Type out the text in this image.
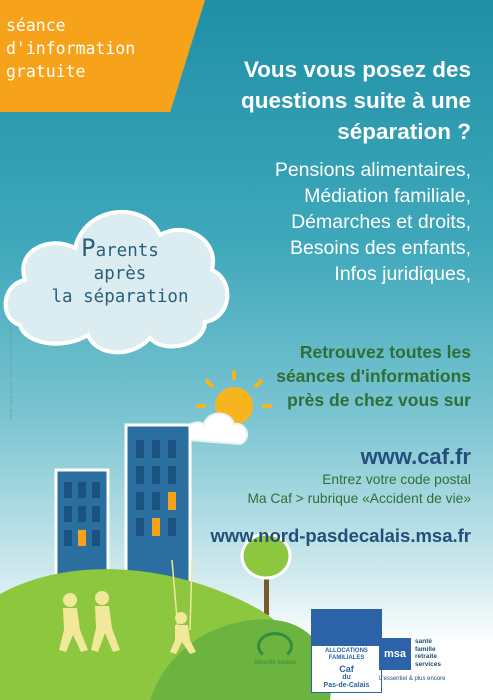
séance
d'information
gratuite	Vous vous posez des
questions suite à une
séparation ?
Pensions alimentaires,
Médiation familiale,
Démarches et droits,
Besoins des enfants,
Infos juridiques,
Parents
après
la séparation
Retrouvez toutes les
séances d'informations
près de chez vous sur
www.caf.fr
Entrez votre code postal
Ma Caf > rubrique «Accident de vie»
www.nord-pasdecalais.msa.fr
Caf du Pas-de-Calais - service communication - 2013
Sécurité sociale
ALLOCATIONS
FAMILIALES
Caf
du
Pas-de-Calais
msa
santé
famille
retraite
services
L'essentiel & plus encore
